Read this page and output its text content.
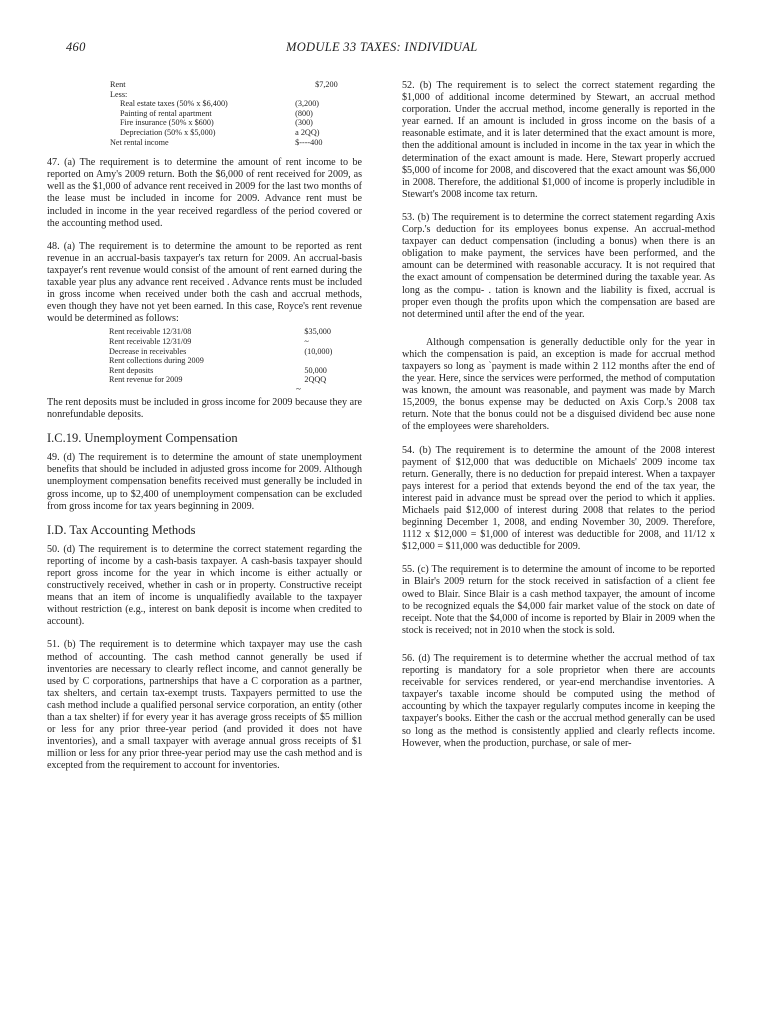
460	MODULE 33 TAXES: INDIVIDUAL
Rent	$7,200
Less:	
Real estate taxes (50% x $6,400)	(3,200)
Painting of rental apartment	(800)
Fire insurance (50% x $600)	(300)
Depreciation (50% x $5,000)	a 2QQ)
Net rental income	$----400

47. (a) The requirement is to determine the amount of rent income to be reported on Amy's 2009 return. Both the $6,000 of rent received for 2009, as well as the $1,000 of advance rent received in 2009 for the last two months of the lease must be included in income for 2009. Advance rent must be included in income in the year received regardless of the period covered or the accounting method used.

48. (a) The requirement is to determine the amount to be reported as rent revenue in an accrual-basis taxpayer's tax return for 2009. An accrual-basis taxpayer's rent revenue would consist of the amount of rent earned during the taxable year plus any advance rent received . Advance rents must be included in gross income when received under both the cash and accrual methods, even though they have not yet been earned. In this case, Royce's rent revenue would be determined as follows:

Rent receivable 12/31/08	$35,000
Rent receivable 12/31/09	~
Decrease in receivables	(10,000)
Rent collections during 2009	
Rent deposits	50,000
Rent revenue for 2009	2QQQ
~

The rent deposits must be included in gross income for 2009 because they are nonrefundable deposits.

I.C.19. Unemployment Compensation

49. (d) The requirement is to determine the amount of state unemployment benefits that should be included in adjusted gross income for 2009. Although unemployment compensation benefits received must generally be included in gross income, up to $2,400 of unemployment compensation can be excluded from gross income for tax years beginning in 2009.

I.D. Tax Accounting Methods

50. (d) The requirement is to determine the correct statement regarding the reporting of income by a cash-basis taxpayer. A cash-basis taxpayer should report gross income for the year in which income is either actually or constructively received, whether in cash or in property. Constructive receipt means that an item of income is unqualifiedly available to the taxpayer without restriction (e.g., interest on bank deposit is income when credited to account).

51. (b) The requirement is to determine which taxpayer may use the cash method of accounting. The cash method cannot generally be used if inventories are necessary to clearly reflect income, and cannot generally be used by C corporations, partnerships that have a C corporation as a partner, tax shelters, and certain tax-exempt trusts. Taxpayers permitted to use the cash method include a qualified personal service corporation, an entity (other than a tax shelter) if for every year it has average gross receipts of $5 million or less for any prior three-year period (and provided it does not have inventories), and a small taxpayer with average annual gross receipts of $1 million or less for any prior three-year period may use the cash method and is excepted from the requirement to account for inventories.

52. (b) The requirement is to select the correct statement regarding the $1,000 of additional income determined by Stewart, an accrual method corporation. Under the accrual method, income generally is reported in the year earned. If an amount is included in gross income on the basis of a reasonable estimate, and it is later determined that the exact amount is more, then the additional amount is included in income in the tax year in which the determination of the exact amount is made. Here, Stewart properly accrued $5,000 of income for 2008, and discovered that the exact amount was $6,000 in 2008. Therefore, the additional $1,000 of income is properly includible in Stewart's 2008 income tax return.

53. (b) The requirement is to determine the correct statement regarding Axis Corp.'s deduction for its employees bonus expense. An accrual-method taxpayer can deduct compensation (including a bonus) when there is an obligation to make payment, the services have been performed, and the amount can be determined with reasonable accuracy. It is not required that the exact amount of compensation be determined during the taxable year. As long as the compu- . tation is known and the liability is fixed, accrual is proper even though the profits upon which the compensation are based are not determined until after the end of the year.

Although compensation is generally deductible only for the year in which the compensation is paid, an exception is made for accrual method taxpayers so long as `payment is made within 2 112 months after the end of the year. Here, since the services were performed, the method of computation was known, the amount was reasonable, and payment was made by March 15,2009, the bonus expense may be deducted on Axis Corp.'s 2008 tax return. Note that the bonus could not be a disguised dividend bec ause none of the employees were shareholders.

54. (b) The requirement is to determine the amount of the 2008 interest payment of $12,000 that was deductible on Michaels' 2009 income tax return. Generally, there is no deduction for prepaid interest. When a taxpayer pays interest for a period that extends beyond the end of the tax year, the interest paid in advance must be spread over the period to which it applies. Michaels paid $12,000 of interest during 2008 that relates to the period beginning December 1, 2008, and ending November 30, 2009. Therefore, 1112 x $12,000 = $1,000 of interest was deductible for 2008, and 11/12 x $12,000 = $11,000 was deductible for 2009.

55. (c) The requirement is to determine the amount of income to be reported in Blair's 2009 return for the stock received in satisfaction of a client fee owed to Blair. Since Blair is a cash method taxpayer, the amount of income to be recognized equals the $4,000 fair market value of the stock on date of receipt. Note that the $4,000 of income is reported by Blair in 2009 when the stock is received; not in 2010 when the stock is sold.

56. (d) The requirement is to determine whether the accrual method of tax reporting is mandatory for a sole proprietor when there are accounts receivable for services rendered, or year-end merchandise inventories. A taxpayer's taxable income should be computed using the method of accounting by which the taxpayer regularly computes income in keeping the taxpayer's books. Either the cash or the accrual method generally can be used so long as the method is consistently applied and clearly reflects income. However, when the production, purchase, or sale of mer-
